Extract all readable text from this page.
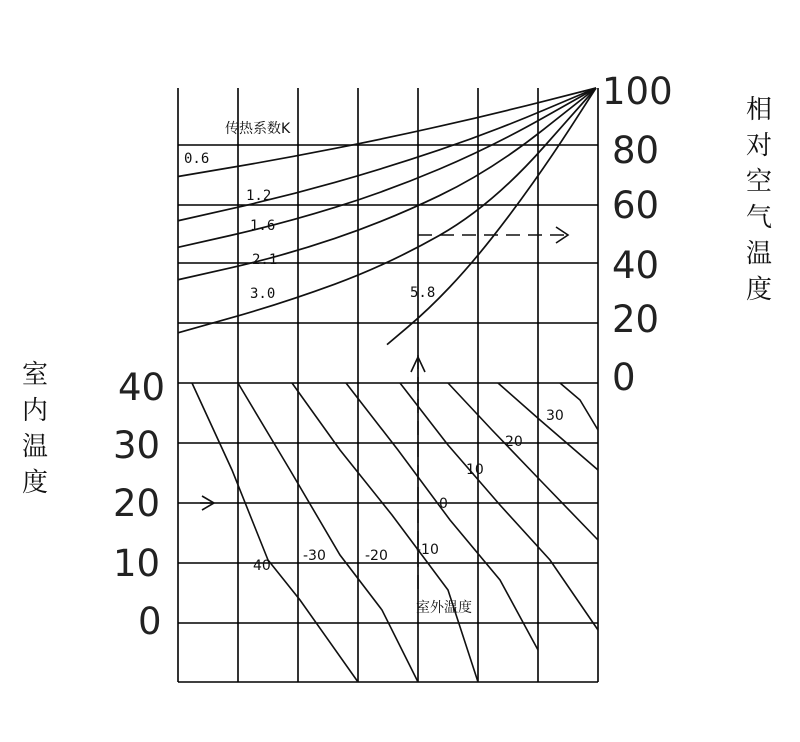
100
80
60
40
20
0
40
30
20
10
0
传热系数K
0.6
1.2
1.6
2.1
3.0	5.8
40
-30	-20 -10
0
10
20
30
室外温度
相
对
空
气
温
度
室
内
温
度
